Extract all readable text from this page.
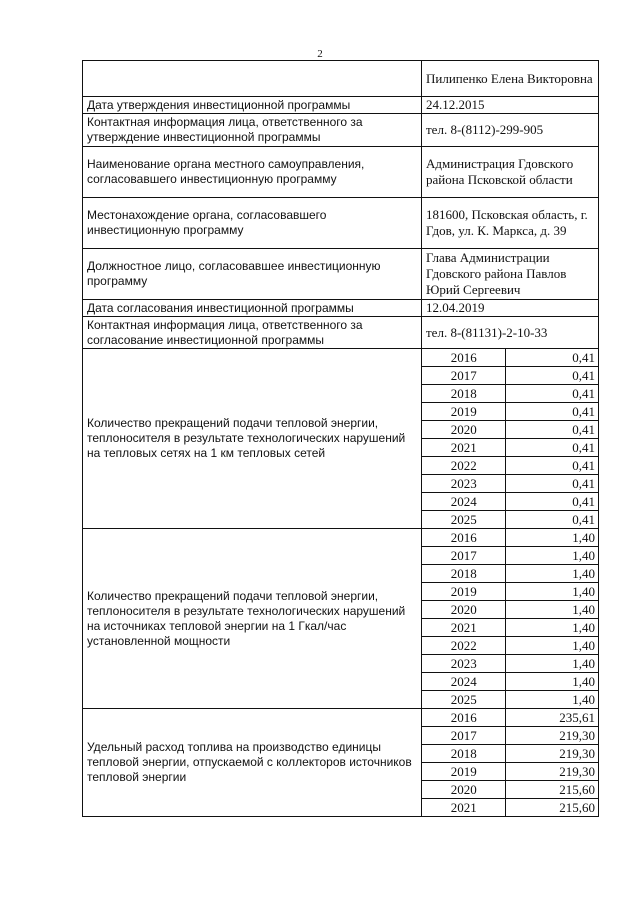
2
	Пилипенко Елена Викторовна
Дата утверждения инвестиционной программы	24.12.2015
Контактная информация лица, ответственного за утверждение инвестиционной программы	тел. 8-(8112)-299-905
Наименование органа местного самоуправления, согласовавшего инвестиционную программу	Администрация Гдовского района Псковской области
Местонахождение органа, согласовавшего инвестиционную программу	181600, Псковская область, г. Гдов, ул. К. Маркса, д. 39
Должностное лицо, согласовавшее инвестиционную программу	Глава Администрации Гдовского района Павлов Юрий Сергеевич
Дата согласования инвестиционной программы	12.04.2019
Контактная информация лица, ответственного за согласование инвестиционной программы	тел. 8-(81131)-2-10-33
Количество прекращений подачи тепловой энергии, теплоносителя в результате технологических нарушений на тепловых сетях на 1 км тепловых сетей	
2016	0,41
2017	0,41
2018	0,41
2019	0,41
2020	0,41
2021	0,41
2022	0,41
2023	0,41
2024	0,41
2025	0,41

Количество прекращений подачи тепловой энергии, теплоносителя в результате технологических нарушений на источниках тепловой энергии на 1 Гкал/час установленной мощности	
2016	1,40
2017	1,40
2018	1,40
2019	1,40
2020	1,40
2021	1,40
2022	1,40
2023	1,40
2024	1,40
2025	1,40

Удельный расход топлива на производство единицы тепловой энергии, отпускаемой с коллекторов источников тепловой энергии	
2016	235,61
2017	219,30
2018	219,30
2019	219,30
2020	215,60
2021	215,60
